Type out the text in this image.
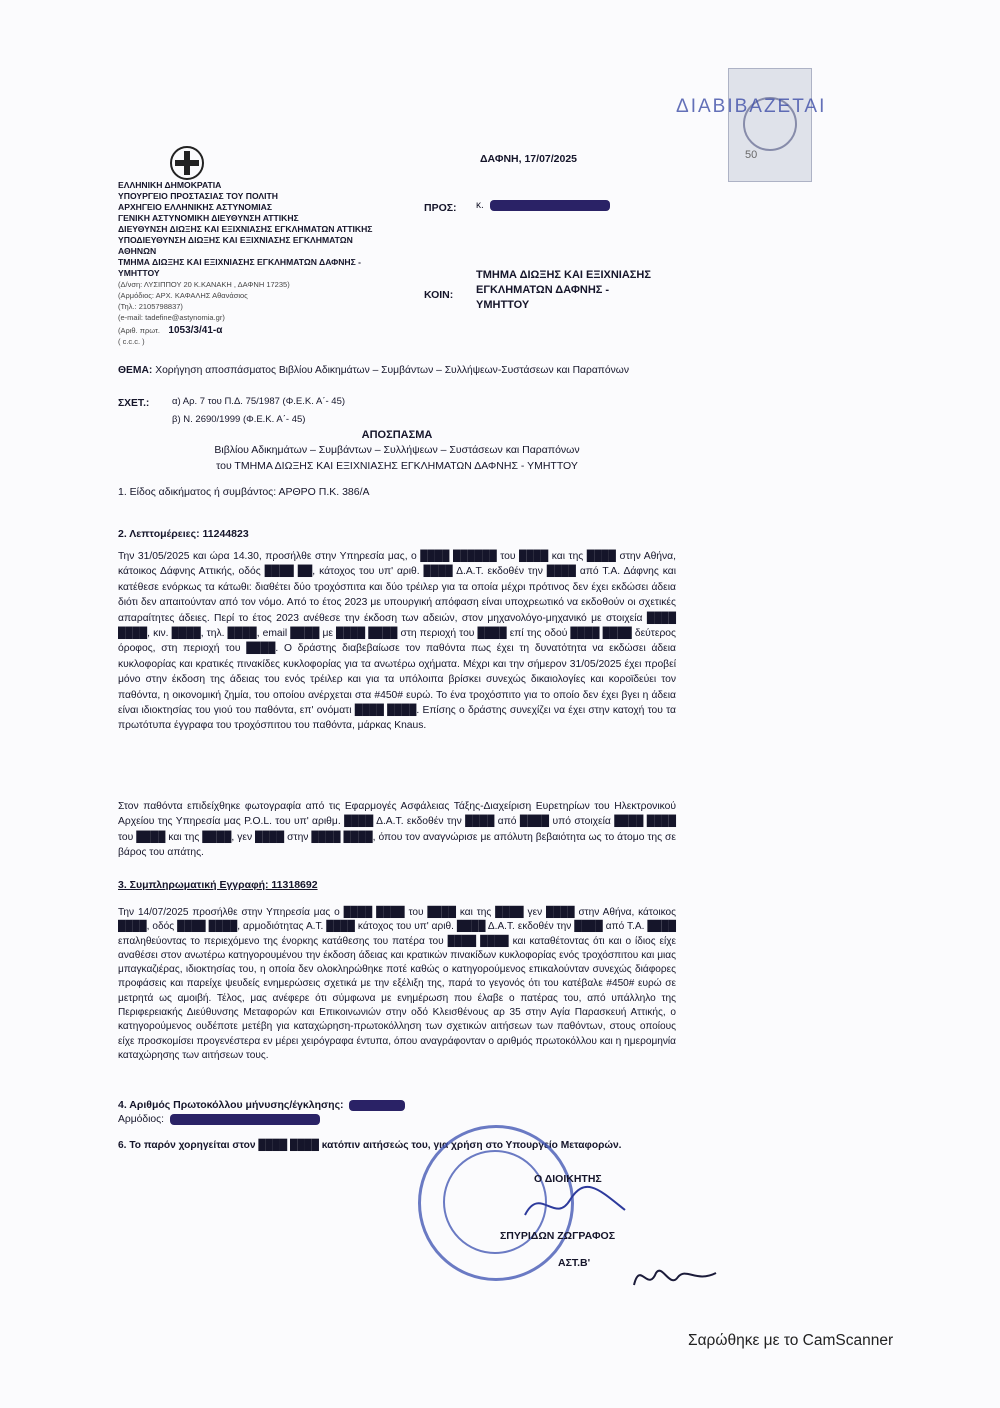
50
ΔΙΑΒΙΒΑΖΕΤΑΙ
ΔΑΦΝΗ, 17/07/2025
ΕΛΛΗΝΙΚΗ ΔΗΜΟΚΡΑΤΙΑ
ΥΠΟΥΡΓΕΙΟ ΠΡΟΣΤΑΣΙΑΣ ΤΟΥ ΠΟΛΙΤΗ
ΑΡΧΗΓΕΙΟ ΕΛΛΗΝΙΚΗΣ ΑΣΤΥΝΟΜΙΑΣ
ΓΕΝΙΚΗ ΑΣΤΥΝΟΜΙΚΗ ΔΙΕΥΘΥΝΣΗ ΑΤΤΙΚΗΣ
ΔΙΕΥΘΥΝΣΗ ΔΙΩΞΗΣ ΚΑΙ ΕΞΙΧΝΙΑΣΗΣ ΕΓΚΛΗΜΑΤΩΝ ΑΤΤΙΚΗΣ
ΥΠΟΔΙΕΥΘΥΝΣΗ ΔΙΩΞΗΣ ΚΑΙ ΕΞΙΧΝΙΑΣΗΣ ΕΓΚΛΗΜΑΤΩΝ
ΑΘΗΝΩΝ
ΤΜΗΜΑ ΔΙΩΞΗΣ ΚΑΙ ΕΞΙΧΝΙΑΣΗΣ ΕΓΚΛΗΜΑΤΩΝ ΔΑΦΝΗΣ -
ΥΜΗΤΤΟΥ
(Δ/νση: ΛΥΣΙΠΠΟΥ 20 Κ.ΚΑΝΑΚΗ , ΔΑΦΝΗ 17235)
(Αρμόδιος: ΑΡΧ. ΚΑΦΑΛΗΣ Αθανάσιος
(Τηλ.: 2105798837)
(e-mail: tadefine@astynomia.gr)
(Αριθ. πρωτ. 1053/3/41-α
( c.c.c. )
ΠΡΟΣ: κ.
ΚΟΙΝ:
ΤΜΗΜΑ ΔΙΩΞΗΣ ΚΑΙ ΕΞΙΧΝΙΑΣΗΣ
ΕΓΚΛΗΜΑΤΩΝ ΔΑΦΝΗΣ -
ΥΜΗΤΤΟΥ
ΘΕΜΑ: Χορήγηση αποσπάσματος Βιβλίου Αδικημάτων – Συμβάντων – Συλλήψεων-Συστάσεων και Παραπόνων
ΣΧΕΤ.: α) Αρ. 7 του Π.Δ. 75/1987 (Φ.Ε.Κ. Α΄- 45)
β) Ν. 2690/1999 (Φ.Ε.Κ. Α΄- 45)
ΑΠΟΣΠΑΣΜΑ
Βιβλίου Αδικημάτων – Συμβάντων – Συλλήψεων – Συστάσεων και Παραπόνων
του ΤΜΗΜΑ ΔΙΩΞΗΣ ΚΑΙ ΕΞΙΧΝΙΑΣΗΣ ΕΓΚΛΗΜΑΤΩΝ ΔΑΦΝΗΣ - ΥΜΗΤΤΟΥ
1. Είδος αδικήματος ή συμβάντος: ΑΡΘΡΟ Π.Κ. 386/Α
2. Λεπτομέρειες: 11244823
Την 31/05/2025 και ώρα 14.30, προσήλθε στην Υπηρεσία μας, ο ████ ██████ του ████ και της ████ στην Αθήνα, κάτοικος Δάφνης Αττικής, οδός ████ ██, κάτοχος του υπ' αριθ. ████ Δ.Α.Τ. εκδοθέν την ████ από Τ.Α. Δάφνης και κατέθεσε ενόρκως τα κάτωθι: διαθέτει δύο τροχόσπιτα και δύο τρέιλερ για τα οποία μέχρι πρότινος δεν έχει εκδώσει άδεια διότι δεν απαιτούνταν από τον νόμο. Από το έτος 2023 με υπουργική απόφαση είναι υποχρεωτικό να εκδοθούν οι σχετικές απαραίτητες άδειες. Περί το έτος 2023 ανέθεσε την έκδοση των αδειών, στον μηχανολόγο-μηχανικό με στοιχεία ████ ████, κιν. ████, τηλ. ████, email ████ με ████ ████ στη περιοχή του ████ επί της οδού ████ ████ δεύτερος όροφος, στη περιοχή του ████. Ο δράστης διαβεβαίωσε τον παθόντα πως έχει τη δυνατότητα να εκδώσει άδεια κυκλοφορίας και κρατικές πινακίδες κυκλοφορίας για τα ανωτέρω οχήματα. Μέχρι και την σήμερον 31/05/2025 έχει προβεί μόνο στην έκδοση της άδειας του ενός τρέιλερ και για τα υπόλοιπα βρίσκει συνεχώς δικαιολογίες και κοροϊδεύει τον παθόντα, η οικονομική ζημία, του οποίου ανέρχεται στα #450# ευρώ. Το ένα τροχόσπιτο για το οποίο δεν έχει βγει η άδεια είναι ιδιοκτησίας του γιού του παθόντα, επ' ονόματι ████ ████. Επίσης ο δράστης συνεχίζει να έχει στην κατοχή του τα πρωτότυπα έγγραφα του τροχόσπιτου του παθόντα, μάρκας Knaus.
Στον παθόντα επιδείχθηκε φωτογραφία από τις Εφαρμογές Ασφάλειας Τάξης-Διαχείριση Ευρετηρίων του Ηλεκτρονικού Αρχείου της Υπηρεσία μας P.O.L. του υπ' αριθμ. ████ Δ.Α.Τ. εκδοθέν την ████ από ████ υπό στοιχεία ████ ████ του ████ και της ████, γεν ████ στην ████ ████, όπου τον αναγνώρισε με απόλυτη βεβαιότητα ως το άτομο της σε βάρος του απάτης.
3. Συμπληρωματική Εγγραφή: 11318692
Την 14/07/2025 προσήλθε στην Υπηρεσία μας ο ████ ████ του ████ και της ████ γεν ████ στην Αθήνα, κάτοικος ████, οδός ████ ████, αρμοδιότητας Α.Τ. ████ κάτοχος του υπ' αριθ. ████ Δ.Α.Τ. εκδοθέν την ████ από Τ.Α. ████ επαληθεύοντας το περιεχόμενο της ένορκης κατάθεσης του πατέρα του ████ ████ και καταθέτοντας ότι και ο ίδιος είχε αναθέσει στον ανωτέρω κατηγορουμένου την έκδοση άδειας και κρατικών πινακίδων κυκλοφορίας ενός τροχόσπιτου και μιας μπαγκαζιέρας, ιδιοκτησίας του, η οποία δεν ολοκληρώθηκε ποτέ καθώς ο κατηγορούμενος επικαλούνταν συνεχώς διάφορες προφάσεις και παρείχε ψευδείς ενημερώσεις σχετικά με την εξέλιξη της, παρά το γεγονός ότι του κατέβαλε #450# ευρώ σε μετρητά ως αμοιβή. Τέλος, μας ανέφερε ότι σύμφωνα με ενημέρωση που έλαβε ο πατέρας του, από υπάλληλο της Περιφερειακής Διεύθυνσης Μεταφορών και Επικοινωνιών στην οδό Κλεισθένους αρ 35 στην Αγία Παρασκευή Αττικής, ο κατηγορούμενος ουδέποτε μετέβη για καταχώρηση-πρωτοκόλληση των σχετικών αιτήσεων των παθόντων, στους οποίους είχε προσκομίσει προγενέστερα εν μέρει χειρόγραφα έντυπα, όπου αναγράφονταν ο αριθμός πρωτοκόλλου και η ημερομηνία καταχώρησης των αιτήσεων τους.
4. Αριθμός Πρωτοκόλλου μήνυσης/έγκλησης:
Αρμόδιος:
6. Το παρόν χορηγείται στον ████ ████ κατόπιν αιτήσεώς του, για χρήση στο Υπουργείο Μεταφορών.
Ο ΔΙΟΙΚΗΤΗΣ
ΣΠΥΡΙΔΩΝ ΖΩΓΡΑΦΟΣ
ΑΣΤ.Β'
Σαρώθηκε με το CamScanner
